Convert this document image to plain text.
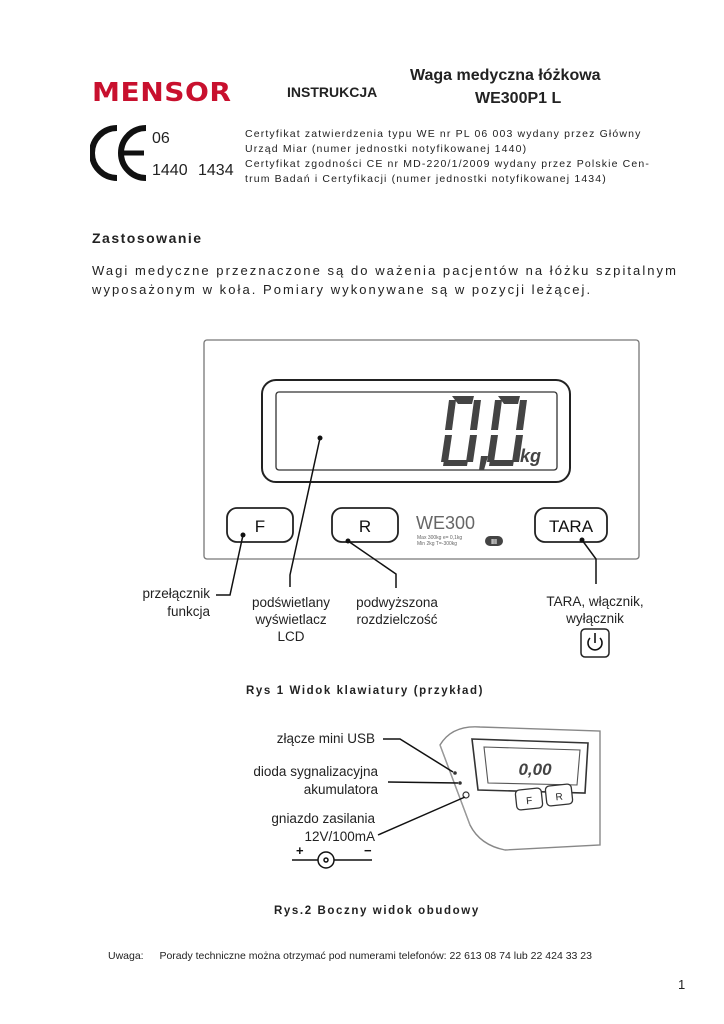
MENSOR	INSTRUKCJA
Waga medyczna łóżkowa
WE300P1 L
06
1440 1434
Certyfikat zatwierdzenia typu WE nr PL 06 003 wydany przez Główny
Urząd Miar (numer jednostki notyfikowanej 1440)
Certyfikat zgodności CE nr MD-220/1/2009 wydany przez Polskie Cen-
trum Badań i Certyfikacji (numer jednostki notyfikowanej 1434)
Zastosowanie
Wagi medyczne przeznaczone są do ważenia pacjentów na łóżku szpitalnym wyposażonym w koła. Pomiary wykonywane są w pozycji leżącej.
kg
F	R	TARA
WE300
Max 300kg e= 0,1kg
Min 2kg T=-300kg	III
przełącznik
funkcja
podświetlany
wyświetlacz
LCD
podwyższona
rozdzielczość
TARA, włącznik,
wyłącznik
Rys 1 Widok klawiatury (przykład)
0,00
F R
+	−
złącze mini USB
dioda sygnalizacyjna
akumulatora
gniazdo zasilania
12V/100mA
Rys.2 Boczny widok obudowy
Uwaga: Porady techniczne można otrzymać pod numerami telefonów: 22 613 08 74 lub 22 424 33 23
1
